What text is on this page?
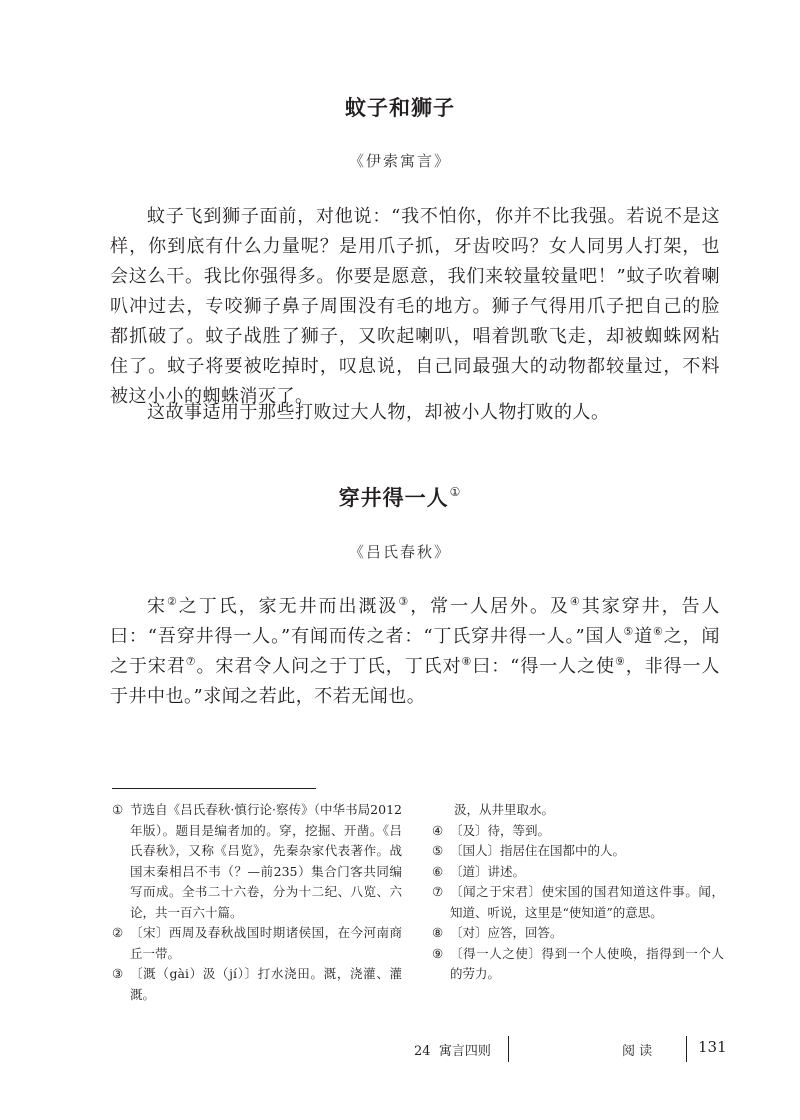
蚊子和狮子
《伊索寓言》

蚊子飞到狮子面前，对他说：“我不怕你，你并不比我强。若说不是这样，你到底有什么力量呢？是用爪子抓，牙齿咬吗？女人同男人打架，也会这么干。我比你强得多。你要是愿意，我们来较量较量吧！”蚊子吹着喇叭冲过去，专咬狮子鼻子周围没有毛的地方。狮子气得用爪子把自己的脸都抓破了。蚊子战胜了狮子，又吹起喇叭，唱着凯歌飞走，却被蜘蛛网粘住了。蚊子将要被吃掉时，叹息说，自己同最强大的动物都较量过，不料被这小小的蜘蛛消灭了。

这故事适用于那些打败过大人物，却被小人物打败的人。

穿井得一人①
《吕氏春秋》

宋②之丁氏，家无井而出溉汲③，常一人居外。及④其家穿井，告人曰：“吾穿井得一人。”有闻而传之者：“丁氏穿井得一人。”国人⑤道⑥之，闻之于宋君⑦。宋君令人问之于丁氏，丁氏对⑧曰：“得一人之使⑨，非得一人于井中也。”求闻之若此，不若无闻也。

① 节选自《吕氏春秋·慎行论·察传》（中华书局2012年版）。题目是编者加的。穿，挖掘、开凿。《吕氏春秋》，又称《吕览》，先秦杂家代表著作。战国末秦相吕不韦（？—前235）集合门客共同编写而成。全书二十六卷，分为十二纪、八览、六论，共一百六十篇。
② 〔宋〕西周及春秋战国时期诸侯国，在今河南商丘一带。
③ 〔溉（gài）汲（jí）〕打水浇田。溉，浇灌、灌溉。
汲，从井里取水。
④ 〔及〕待，等到。
⑤ 〔国人〕指居住在国都中的人。
⑥ 〔道〕讲述。
⑦ 〔闻之于宋君〕使宋国的国君知道这件事。闻，知道、听说，这里是“使知道”的意思。
⑧ 〔对〕应答，回答。
⑨ 〔得一人之使〕得到一个人使唤，指得到一个人的劳力。
24 寓言四则	阅 读	131
